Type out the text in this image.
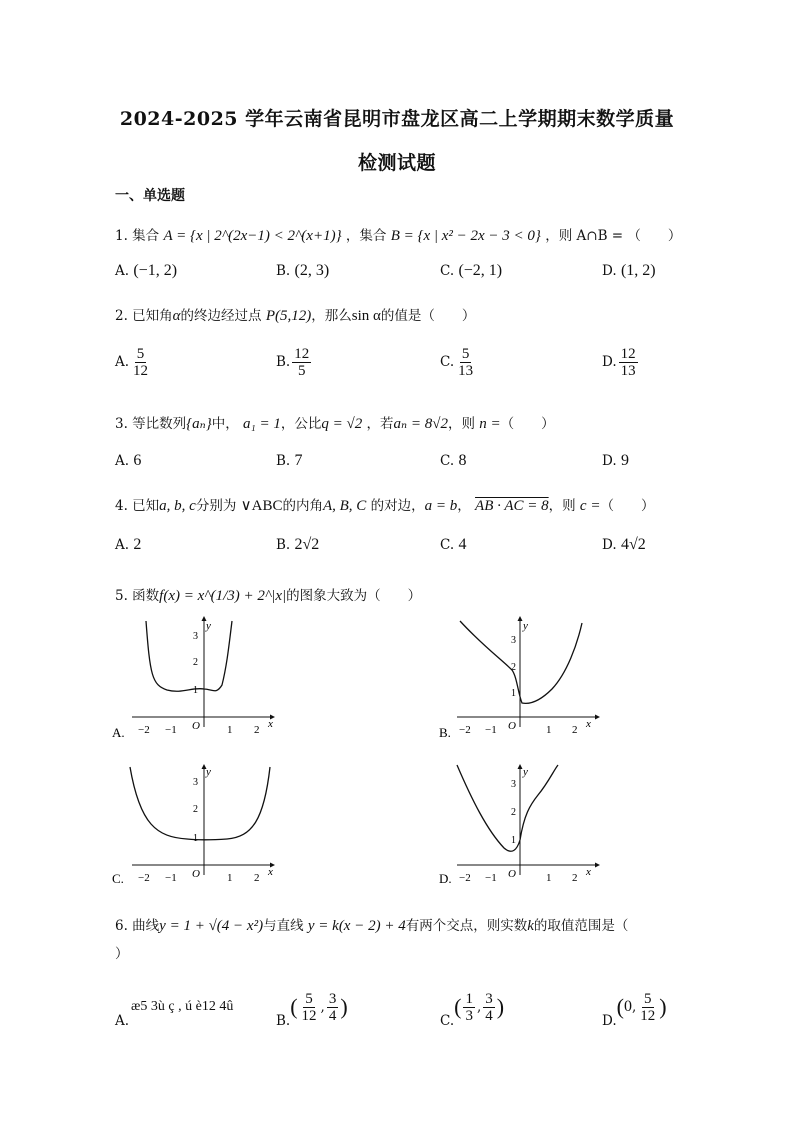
2024-2025 学年云南省昆明市盘龙区高二上学期期末数学质量
检测试题
一、单选题
1. 集合 A = {x | 2^(2x−1) < 2^(x+1)} ，集合 B = {x | x² − 2x − 3 < 0} ，则 A∩B = （　　）
A. (−1, 2)	B. (2, 3)	C. (−2, 1)	D. (1, 2)
2. 已知角α的终边经过点 P(5,12)，那么sin α的值是（　　）
A. $\frac{5}{12}$	B. $\frac{12}{5}$	C. $\frac{5}{13}$	D. $\frac{12}{13}$
3. 等比数列{aₙ}中， a₁ = 1，公比q = √2 ，若aₙ = 8√2，则 n =（　　）
A. 6	B. 7	C. 8	D. 9
4. 已知a, b, c分别为 ∨ABC的内角A, B, C 的对边，a = b， AB · AC = 8，则 c =（　　）
A. 2	B. 2√2	C. 4	D. 4√2
5. 函数f(x) = x^(1/3) + 2^|x|的图象大致为（　　）
y
x
O
−2 −1	1 2
3
2
1
A.
y
x
O
−2 −1	1 2
3
2
1
B.
y
x
O
−2 −1	1 2
3
2
1
C.
y
x
O
−2 −1	1 2
3
2
1
D.
6. 曲线y = 1 + √(4 − x²)与直线 y = k(x − 2) + 4有两个交点，则实数k的取值范围是（
）
A.
æ5 3ù ç , ú è12 4û
B.
( $\frac{5}{12}$ , $\frac{3}{4}$ )
C.
( $\frac{1}{3}$ , $\frac{3}{4}$ )
D.
( 0 , $\frac{5}{12}$ )
